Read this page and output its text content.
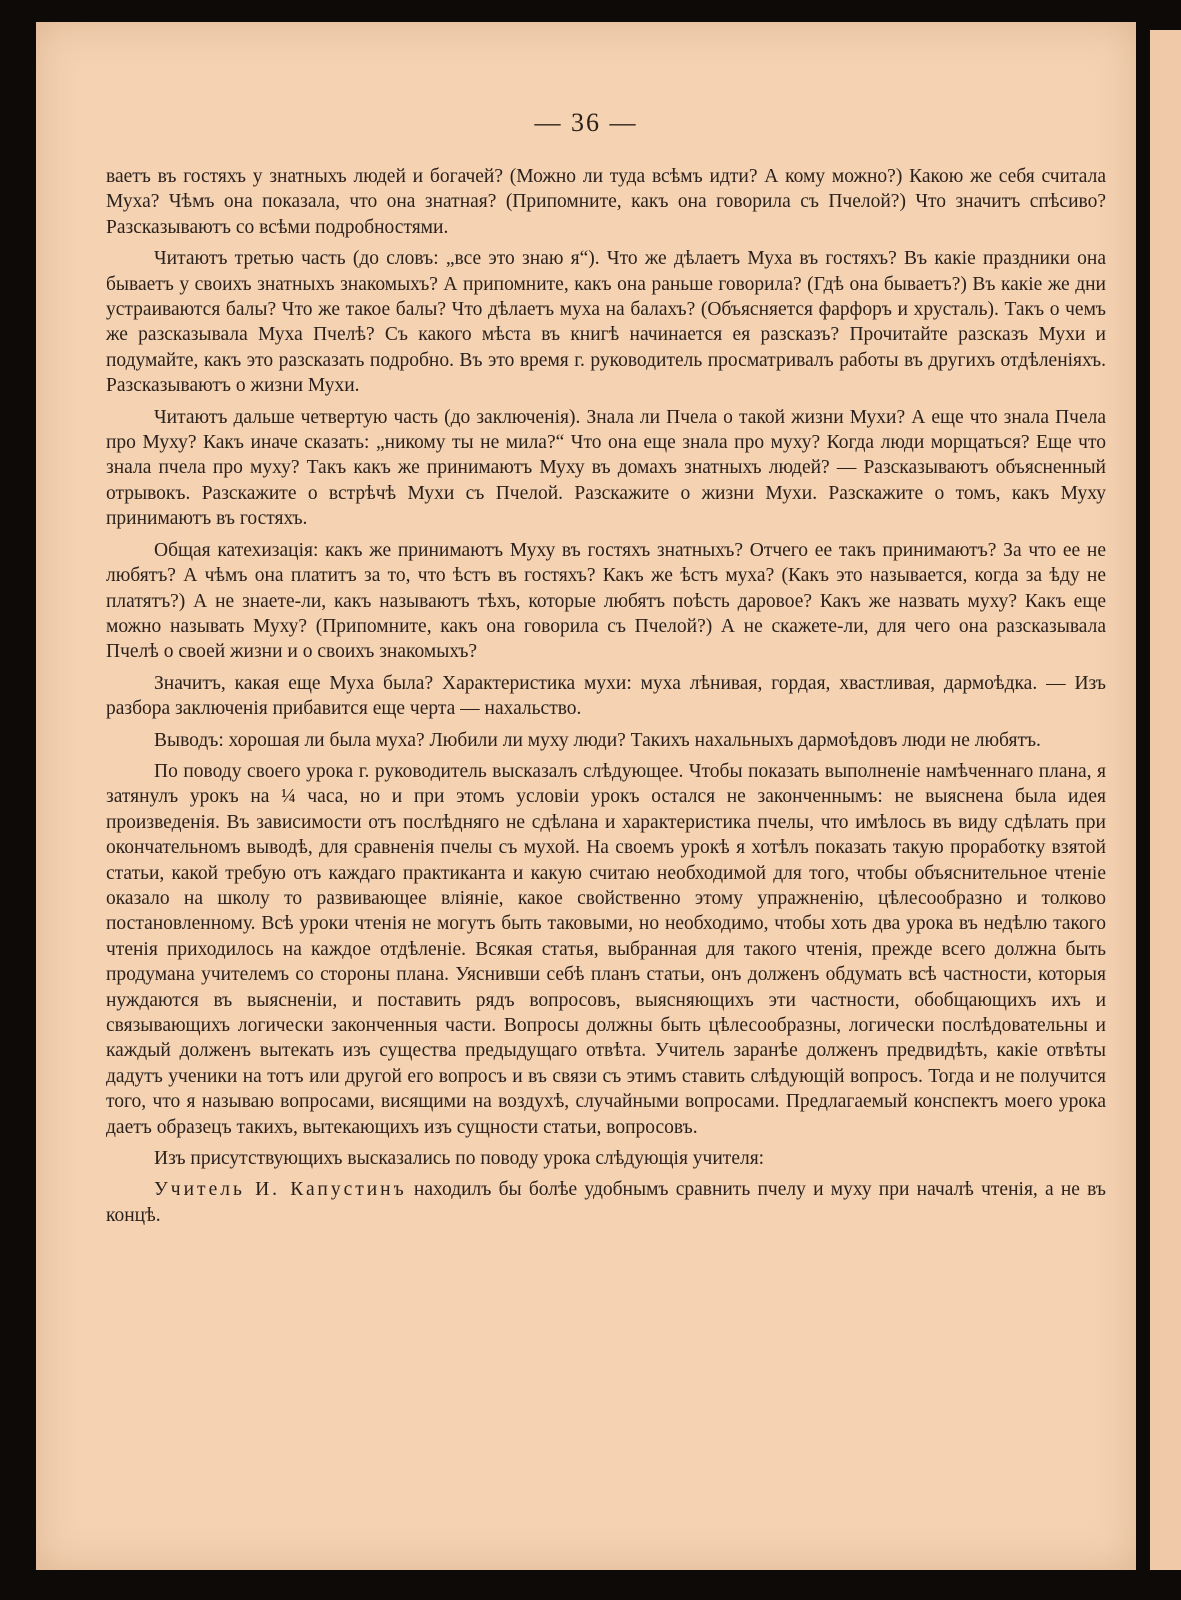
— 36 —

ваетъ въ гостяхъ у знатныхъ людей и богачей? (Можно ли туда всѣмъ идти? А кому можно?) Какою же себя считала Муха? Чѣмъ она показала, что она знатная? (Припомните, какъ она говорила съ Пчелой?) Что значитъ спѣсиво? Разсказываютъ со всѣми подробностями.

Читаютъ третью часть (до словъ: „все это знаю я“). Что же дѣлаетъ Муха въ гостяхъ? Въ какіе праздники она бываетъ у своихъ знатныхъ знакомыхъ? А припомните, какъ она раньше говорила? (Гдѣ она бываетъ?) Въ какіе же дни устраиваются балы? Что же такое балы? Что дѣлаетъ муха на балахъ? (Объясняется фарфоръ и хрусталь). Такъ о чемъ же разсказывала Муха Пчелѣ? Съ какого мѣста въ книгѣ начинается ея разсказъ? Прочитайте разсказъ Мухи и подумайте, какъ это разсказать подробно. Въ это время г. руководитель просматривалъ работы въ другихъ отдѣленіяхъ. Разсказываютъ о жизни Мухи.

Читаютъ дальше четвертую часть (до заключенія). Знала ли Пчела о такой жизни Мухи? А еще что знала Пчела про Муху? Какъ иначе сказать: „никому ты не мила?“ Что она еще знала про муху? Когда люди морщаться? Еще что знала пчела про муху? Такъ какъ же принимаютъ Муху въ домахъ знатныхъ людей? — Разсказываютъ объясненный отрывокъ. Разскажите о встрѣчѣ Мухи съ Пчелой. Разскажите о жизни Мухи. Разскажите о томъ, какъ Муху принимаютъ въ гостяхъ.

Общая катехизація: какъ же принимаютъ Муху въ гостяхъ знатныхъ? Отчего ее такъ принимаютъ? За что ее не любятъ? А чѣмъ она платитъ за то, что ѣстъ въ гостяхъ? Какъ же ѣстъ муха? (Какъ это называется, когда за ѣду не платятъ?) А не знаете-ли, какъ называютъ тѣхъ, которые любятъ поѣсть даровое? Какъ же назвать муху? Какъ еще можно называть Муху? (Припомните, какъ она говорила съ Пчелой?) А не скажете-ли, для чего она разсказывала Пчелѣ о своей жизни и о своихъ знакомыхъ?

Значитъ, какая еще Муха была? Характеристика мухи: муха лѣнивая, гордая, хвастливая, дармоѣдка. — Изъ разбора заключенія прибавится еще черта — нахальство.

Выводъ: хорошая ли была муха? Любили ли муху люди? Такихъ нахальныхъ дармоѣдовъ люди не любятъ.

По поводу своего урока г. руководитель высказалъ слѣдующее. Чтобы показать выполненіе намѣченнаго плана, я затянулъ урокъ на ¼ часа, но и при этомъ условіи урокъ остался не законченнымъ: не выяснена была идея произведенія. Въ зависимости отъ послѣдняго не сдѣлана и характеристика пчелы, что имѣлось въ виду сдѣлать при окончательномъ выводѣ, для сравненія пчелы съ мухой. На своемъ урокѣ я хотѣлъ показать такую проработку взятой статьи, какой требую отъ каждаго практиканта и какую считаю необходимой для того, чтобы объяснительное чтеніе оказало на школу то развивающее вліяніе, какое свойственно этому упражненію, цѣлесообразно и толково постановленному. Всѣ уроки чтенія не могутъ быть таковыми, но необходимо, чтобы хоть два урока въ недѣлю такого чтенія приходилось на каждое отдѣленіе. Всякая статья, выбранная для такого чтенія, прежде всего должна быть продумана учителемъ со стороны плана. Уяснивши себѣ планъ статьи, онъ долженъ обдумать всѣ частности, которыя нуждаются въ выясненіи, и поставить рядъ вопросовъ, выясняющихъ эти частности, обобщающихъ ихъ и связывающихъ логически законченныя части. Вопросы должны быть цѣлесообразны, логически послѣдовательны и каждый долженъ вытекать изъ существа предыдущаго отвѣта. Учитель заранѣе долженъ предвидѣть, какіе отвѣты дадутъ ученики на тотъ или другой его вопросъ и въ связи съ этимъ ставить слѣдующій вопросъ. Тогда и не получится того, что я называю вопросами, висящими на воздухѣ, случайными вопросами. Предлагаемый конспектъ моего урока даетъ образецъ такихъ, вытекающихъ изъ сущности статьи, вопросовъ.

Изъ присутствующихъ высказались по поводу урока слѣдующія учителя:

Учитель И. Капустинъ находилъ бы болѣе удобнымъ сравнить пчелу и муху при началѣ чтенія, а не въ концѣ.
